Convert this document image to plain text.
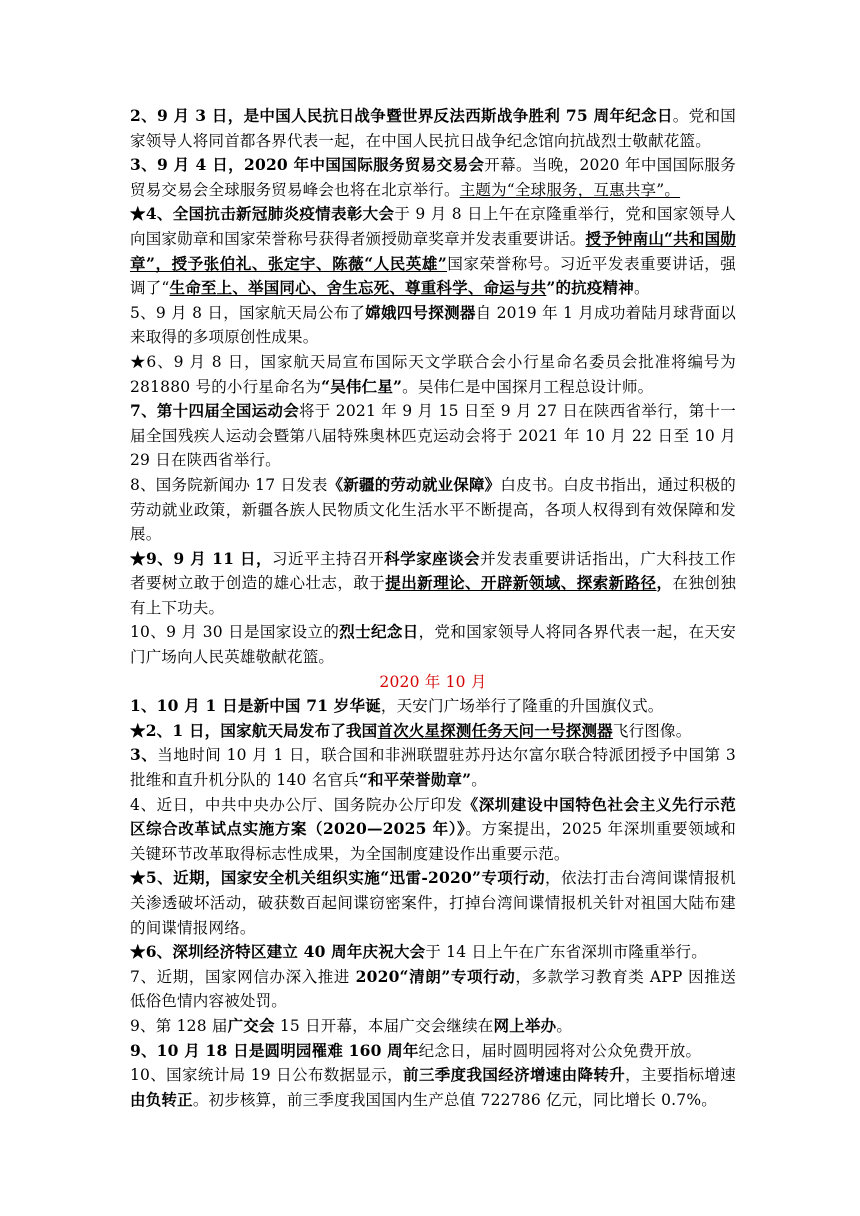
2、9 月 3 日，是中国人民抗日战争暨世界反法西斯战争胜利 75 周年纪念日。党和国家领导人将同首都各界代表一起，在中国人民抗日战争纪念馆向抗战烈士敬献花篮。

3、9 月 4 日，2020 年中国国际服务贸易交易会开幕。当晚，2020 年中国国际服务贸易交易会全球服务贸易峰会也将在北京举行。主题为“全球服务，互惠共享”。

★4、全国抗击新冠肺炎疫情表彰大会于 9 月 8 日上午在京隆重举行，党和国家领导人向国家勋章和国家荣誉称号获得者颁授勋章奖章并发表重要讲话。授予钟南山“共和国勋章”，授予张伯礼、张定宇、陈薇“人民英雄”国家荣誉称号。习近平发表重要讲话，强调了“生命至上、举国同心、舍生忘死、尊重科学、命运与共”的抗疫精神。

5、9 月 8 日，国家航天局公布了嫦娥四号探测器自 2019 年 1 月成功着陆月球背面以来取得的多项原创性成果。

★6、9 月 8 日，国家航天局宣布国际天文学联合会小行星命名委员会批准将编号为 281880 号的小行星命名为“吴伟仁星”。吴伟仁是中国探月工程总设计师。

7、第十四届全国运动会将于 2021 年 9 月 15 日至 9 月 27 日在陕西省举行，第十一届全国残疾人运动会暨第八届特殊奥林匹克运动会将于 2021 年 10 月 22 日至 10 月 29 日在陕西省举行。

8、国务院新闻办 17 日发表《新疆的劳动就业保障》白皮书。白皮书指出，通过积极的劳动就业政策，新疆各族人民物质文化生活水平不断提高，各项人权得到有效保障和发展。

★9、9 月 11 日，习近平主持召开科学家座谈会并发表重要讲话指出，广大科技工作者要树立敢于创造的雄心壮志，敢于提出新理论、开辟新领域、探索新路径，在独创独有上下功夫。

10、9 月 30 日是国家设立的烈士纪念日，党和国家领导人将同各界代表一起，在天安门广场向人民英雄敬献花篮。

2020 年 10 月

1、10 月 1 日是新中国 71 岁华诞，天安门广场举行了隆重的升国旗仪式。

★2、1 日，国家航天局发布了我国首次火星探测任务天问一号探测器飞行图像。

3、当地时间 10 月 1 日，联合国和非洲联盟驻苏丹达尔富尔联合特派团授予中国第 3 批维和直升机分队的 140 名官兵“和平荣誉勋章”。

4、近日，中共中央办公厅、国务院办公厅印发《深圳建设中国特色社会主义先行示范区综合改革试点实施方案（2020—2025 年）》。方案提出，2025 年深圳重要领域和关键环节改革取得标志性成果，为全国制度建设作出重要示范。

★5、近期，国家安全机关组织实施“迅雷-2020”专项行动，依法打击台湾间谍情报机关渗透破坏活动，破获数百起间谍窃密案件，打掉台湾间谍情报机关针对祖国大陆布建的间谍情报网络。

★6、深圳经济特区建立 40 周年庆祝大会于 14 日上午在广东省深圳市隆重举行。

7、近期，国家网信办深入推进 2020“清朗”专项行动，多款学习教育类 APP 因推送低俗色情内容被处罚。

9、第 128 届广交会 15 日开幕，本届广交会继续在网上举办。

9、10 月 18 日是圆明园罹难 160 周年纪念日，届时圆明园将对公众免费开放。

10、国家统计局 19 日公布数据显示，前三季度我国经济增速由降转升，主要指标增速由负转正。初步核算，前三季度我国国内生产总值 722786 亿元，同比增长 0.7%。
